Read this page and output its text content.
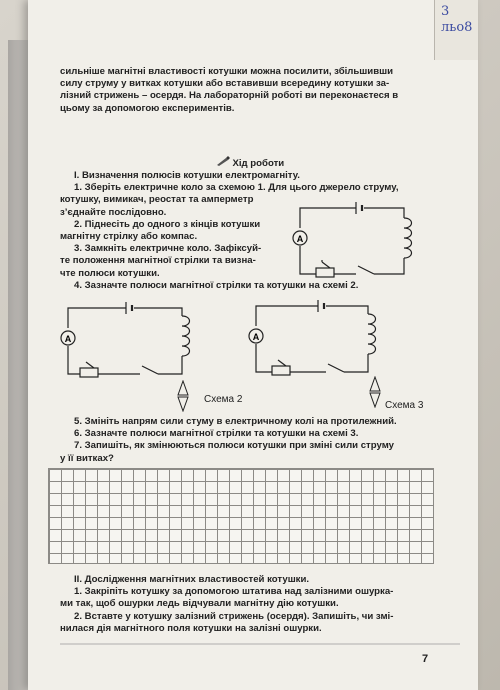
3
льо8

сильніше магнітні властивості котушки можна посилити, збільшивши

силу струму у витках котушки або вставивши всередину котушки за-

лізний стрижень – осердя. На лабораторній роботі ви переконаєтеся в

цьому за допомогою експериментів.

Хід роботи

І. Визначення полюсів котушки електромагніту.

1. Зберіть електричне коло за схемою 1. Для цього джерело струму,

котушку, вимикач, реостат та амперметр

з’єднайте послідовно.

2. Піднесіть до одного з кінців котушки

магнітну стрілку або компас.

3. Замкніть електричне коло. Зафіксуй-

те положення магнітної стрілки та визна-

чте полюси котушки.

4. Зазначте полюси магнітної стрілки та котушки на схемі 2.

A
A
Схема 2
A
Схема 3

5. Змініть напрям сили стуму в електричному колі на протилежний.

6. Зазначте полюси магнітної стрілки та котушки на схемі 3.

7. Запишіть, як змінюються полюси котушки при зміні сили струму

у її витках?

ІІ. Дослідження магнітних властивостей котушки.

1. Закріпіть котушку за допомогою штатива над залізними ошурка-

ми так, щоб ошурки ледь відчували магнітну дію котушки.

2. Вставте у котушку залізний стрижень (осердя). Запишіть, чи змі-

нилася дія магнітного поля котушки на залізні ошурки.

7
